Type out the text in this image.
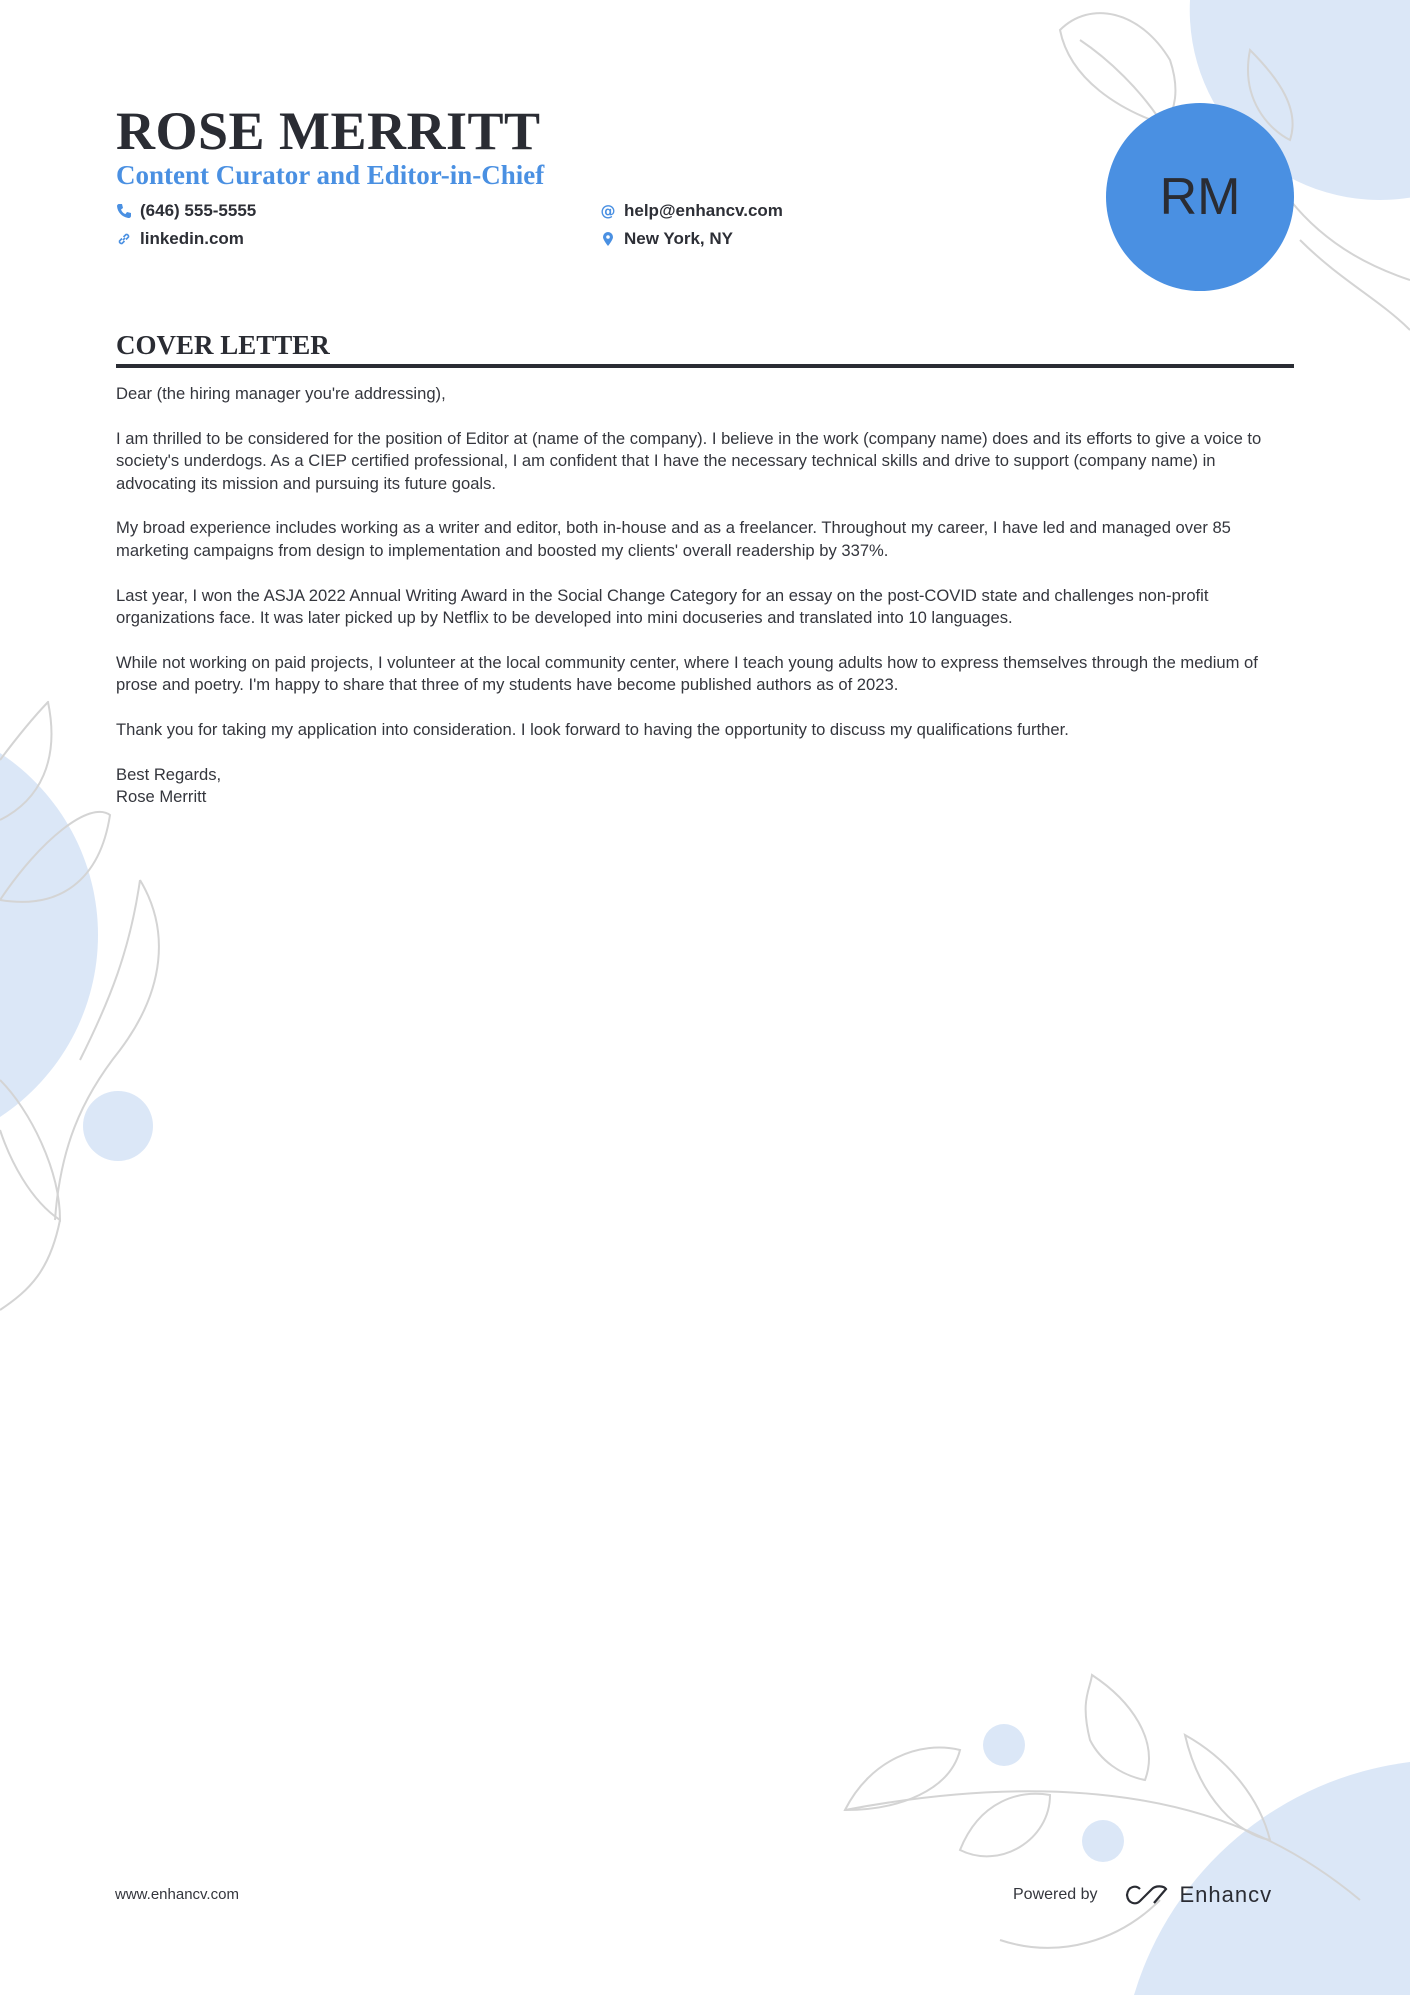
RM
ROSE MERRITT
Content Curator and Editor-in-Chief
(646) 555-5555
linkedin.com
@ help@enhancv.com
New York, NY
COVER LETTER

Dear (the hiring manager you're addressing),

I am thrilled to be considered for the position of Editor at (name of the company). I believe in the work (company name) does and its efforts to give a voice to society's underdogs. As a CIEP certified professional, I am confident that I have the necessary technical skills and drive to support (company name) in advocating its mission and pursuing its future goals.

My broad experience includes working as a writer and editor, both in-house and as a freelancer. Throughout my career, I have led and managed over 85 marketing campaigns from design to implementation and boosted my clients' overall readership by 337%.

Last year, I won the ASJA 2022 Annual Writing Award in the Social Change Category for an essay on the post-COVID state and challenges non-profit organizations face. It was later picked up by Netflix to be developed into mini docuseries and translated into 10 languages.

While not working on paid projects, I volunteer at the local community center, where I teach young adults how to express themselves through the medium of prose and poetry. I'm happy to share that three of my students have become published authors as of 2023.

Thank you for taking my application into consideration. I look forward to having the opportunity to discuss my qualifications further.

Best Regards,
Rose Merritt
www.enhancv.com	Powered by	Enhancv
